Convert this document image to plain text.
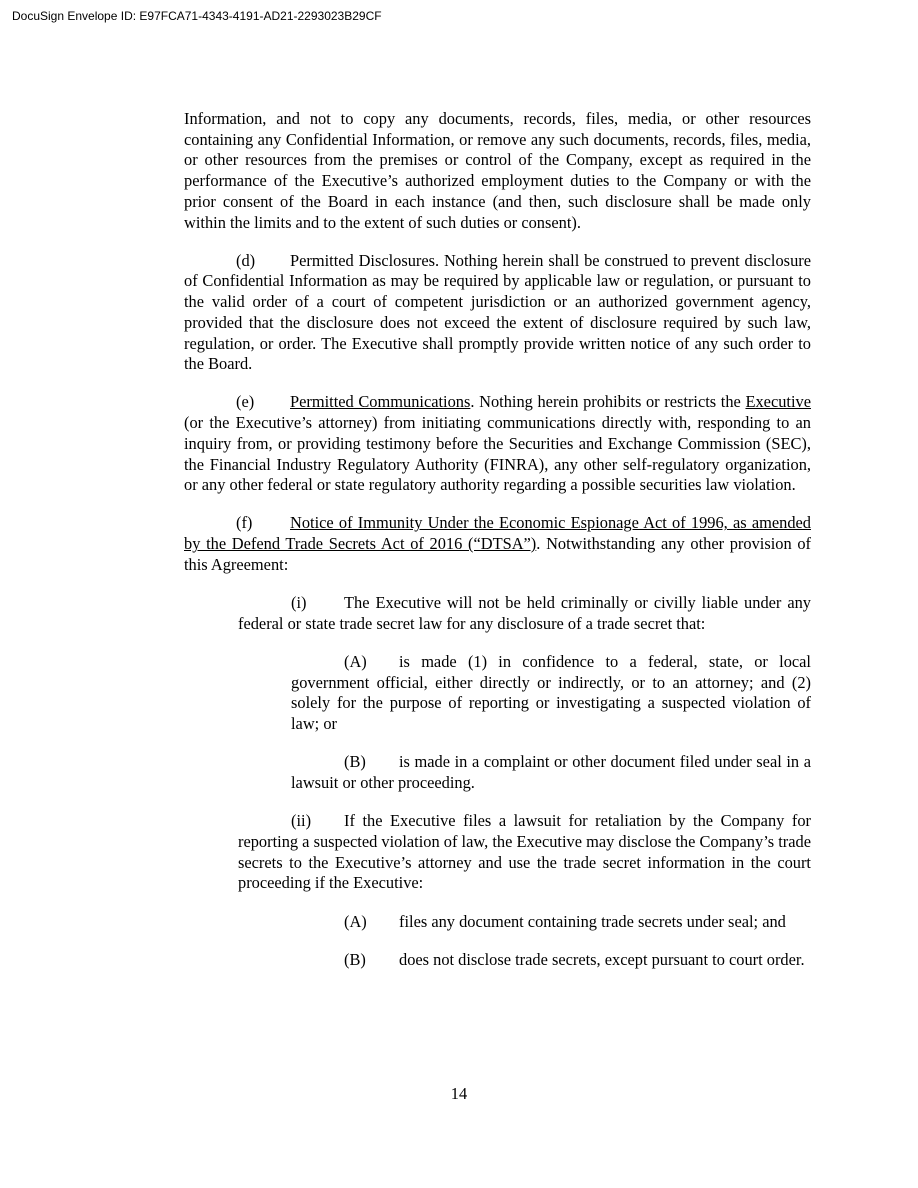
DocuSign Envelope ID: E97FCA71-4343-4191-AD21-2293023B29CF

Information, and not to copy any documents, records, files, media, or other resources containing any Confidential Information, or remove any such documents, records, files, media, or other resources from the premises or control of the Company, except as required in the performance of the Executive’s authorized employment duties to the Company or with the prior consent of the Board in each instance (and then, such disclosure shall be made only within the limits and to the extent of such duties or consent).

(d) Permitted Disclosures. Nothing herein shall be construed to prevent disclosure of Confidential Information as may be required by applicable law or regulation, or pursuant to the valid order of a court of competent jurisdiction or an authorized government agency, provided that the disclosure does not exceed the extent of disclosure required by such law, regulation, or order. The Executive shall promptly provide written notice of any such order to the Board.

(e) Permitted Communications. Nothing herein prohibits or restricts the Executive (or the Executive’s attorney) from initiating communications directly with, responding to an inquiry from, or providing testimony before the Securities and Exchange Commission (SEC), the Financial Industry Regulatory Authority (FINRA), any other self-regulatory organization, or any other federal or state regulatory authority regarding a possible securities law violation.

(f) Notice of Immunity Under the Economic Espionage Act of 1996, as amended by the Defend Trade Secrets Act of 2016 (“DTSA”). Notwithstanding any other provision of this Agreement:

(i) The Executive will not be held criminally or civilly liable under any federal or state trade secret law for any disclosure of a trade secret that:

(A) is made (1) in confidence to a federal, state, or local government official, either directly or indirectly, or to an attorney; and (2) solely for the purpose of reporting or investigating a suspected violation of law; or

(B) is made in a complaint or other document filed under seal in a lawsuit or other proceeding.

(ii) If the Executive files a lawsuit for retaliation by the Company for reporting a suspected violation of law, the Executive may disclose the Company’s trade secrets to the Executive’s attorney and use the trade secret information in the court proceeding if the Executive:

(A) files any document containing trade secrets under seal; and

(B) does not disclose trade secrets, except pursuant to court order.

14
